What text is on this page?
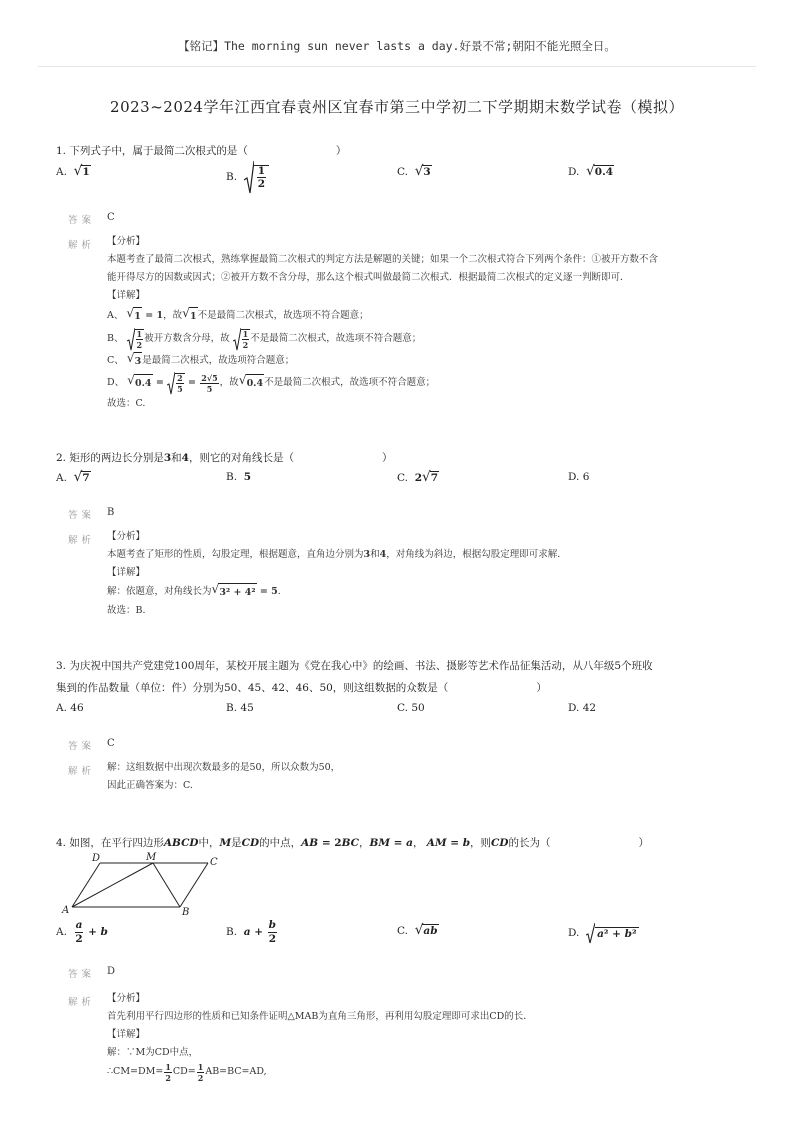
【铭记】The morning sun never lasts a day.好景不常;朝阳不能光照全日。
2023~2024学年江西宜春袁州区宜春市第三中学初二下学期期末数学试卷（模拟）
1. 下列式子中，属于最简二次根式的是（	）
A.
√ 1	B.
$\frac{1}{2}$	C.
√ 3	D.
√ 0.4
答案 C
解析 【分析】
本题考查了最简二次根式，熟练掌握最简二次根式的判定方法是解题的关键；如果一个二次根式符合下列两个条件：①被开方数不含
能开得尽方的因数或因式；②被开方数不含分母，那么这个根式叫做最简二次根式．根据最简二次根式的定义逐一判断即可．
【详解】
A、 √ 1 = 1 ，故 √ 1 不是最简二次根式，故选项不符合题意；
B、 $\frac{1}{2}$ 被开方数含分母，故
$\frac{1}{2}$ 不是最简二次根式，故选项不符合题意；
C、 √ 3 是最简二次根式，故选项符合题意；
D、 √ $0.4 = \frac{2}{5} = \frac{2√5}{5}$ ，故 √ 0.4 不是最简二次根式，故选项不符合题意；
故选：C.
2. 矩形的两边长分别是3和4，则它的对角线长是（	）
A.
√ 7	B.
5	C.
2 √ 7	D. 6
答案 B
解析 【分析】
本题考查了矩形的性质，勾股定理，根据题意，直角边分别为3和4，对角线为斜边，根据勾股定理即可求解．
【详解】
解：依题意，对角线长为 √ 3² + 4² = 5 .
故选：B.
3. 为庆祝中国共产党建党100周年，某校开展主题为《党在我心中》的绘画、书法、摄影等艺术作品征集活动，从八年级5个班收
集到的作品数量（单位：件）分别为50、45、42、46、50，则这组数据的众数是（	）
A. 46	B. 45	C. 50	D. 42
答案 C
解析 解：这组数据中出现次数最多的是50，所以众数为50，
因此正确答案为：C.
4. 如图，在平行四边形ABCD中，M是CD的中点，AB = 2BC，BM = a， AM = b，则CD的长为（	）
A	B
C
D	M
A.
$\frac{a}{2} + b$	B.
$a + \frac{b}{2}$	C.
√ ab	D.
a² + b²
答案 D
解析 【分析】
首先利用平行四边形的性质和已知条件证明△MAB为直角三角形，再利用勾股定理即可求出CD的长．
【详解】
解：∵M为CD中点，
∴CM=DM= $\frac{1}{2} CD= \frac{1}{2} AB=BC=AD$,
